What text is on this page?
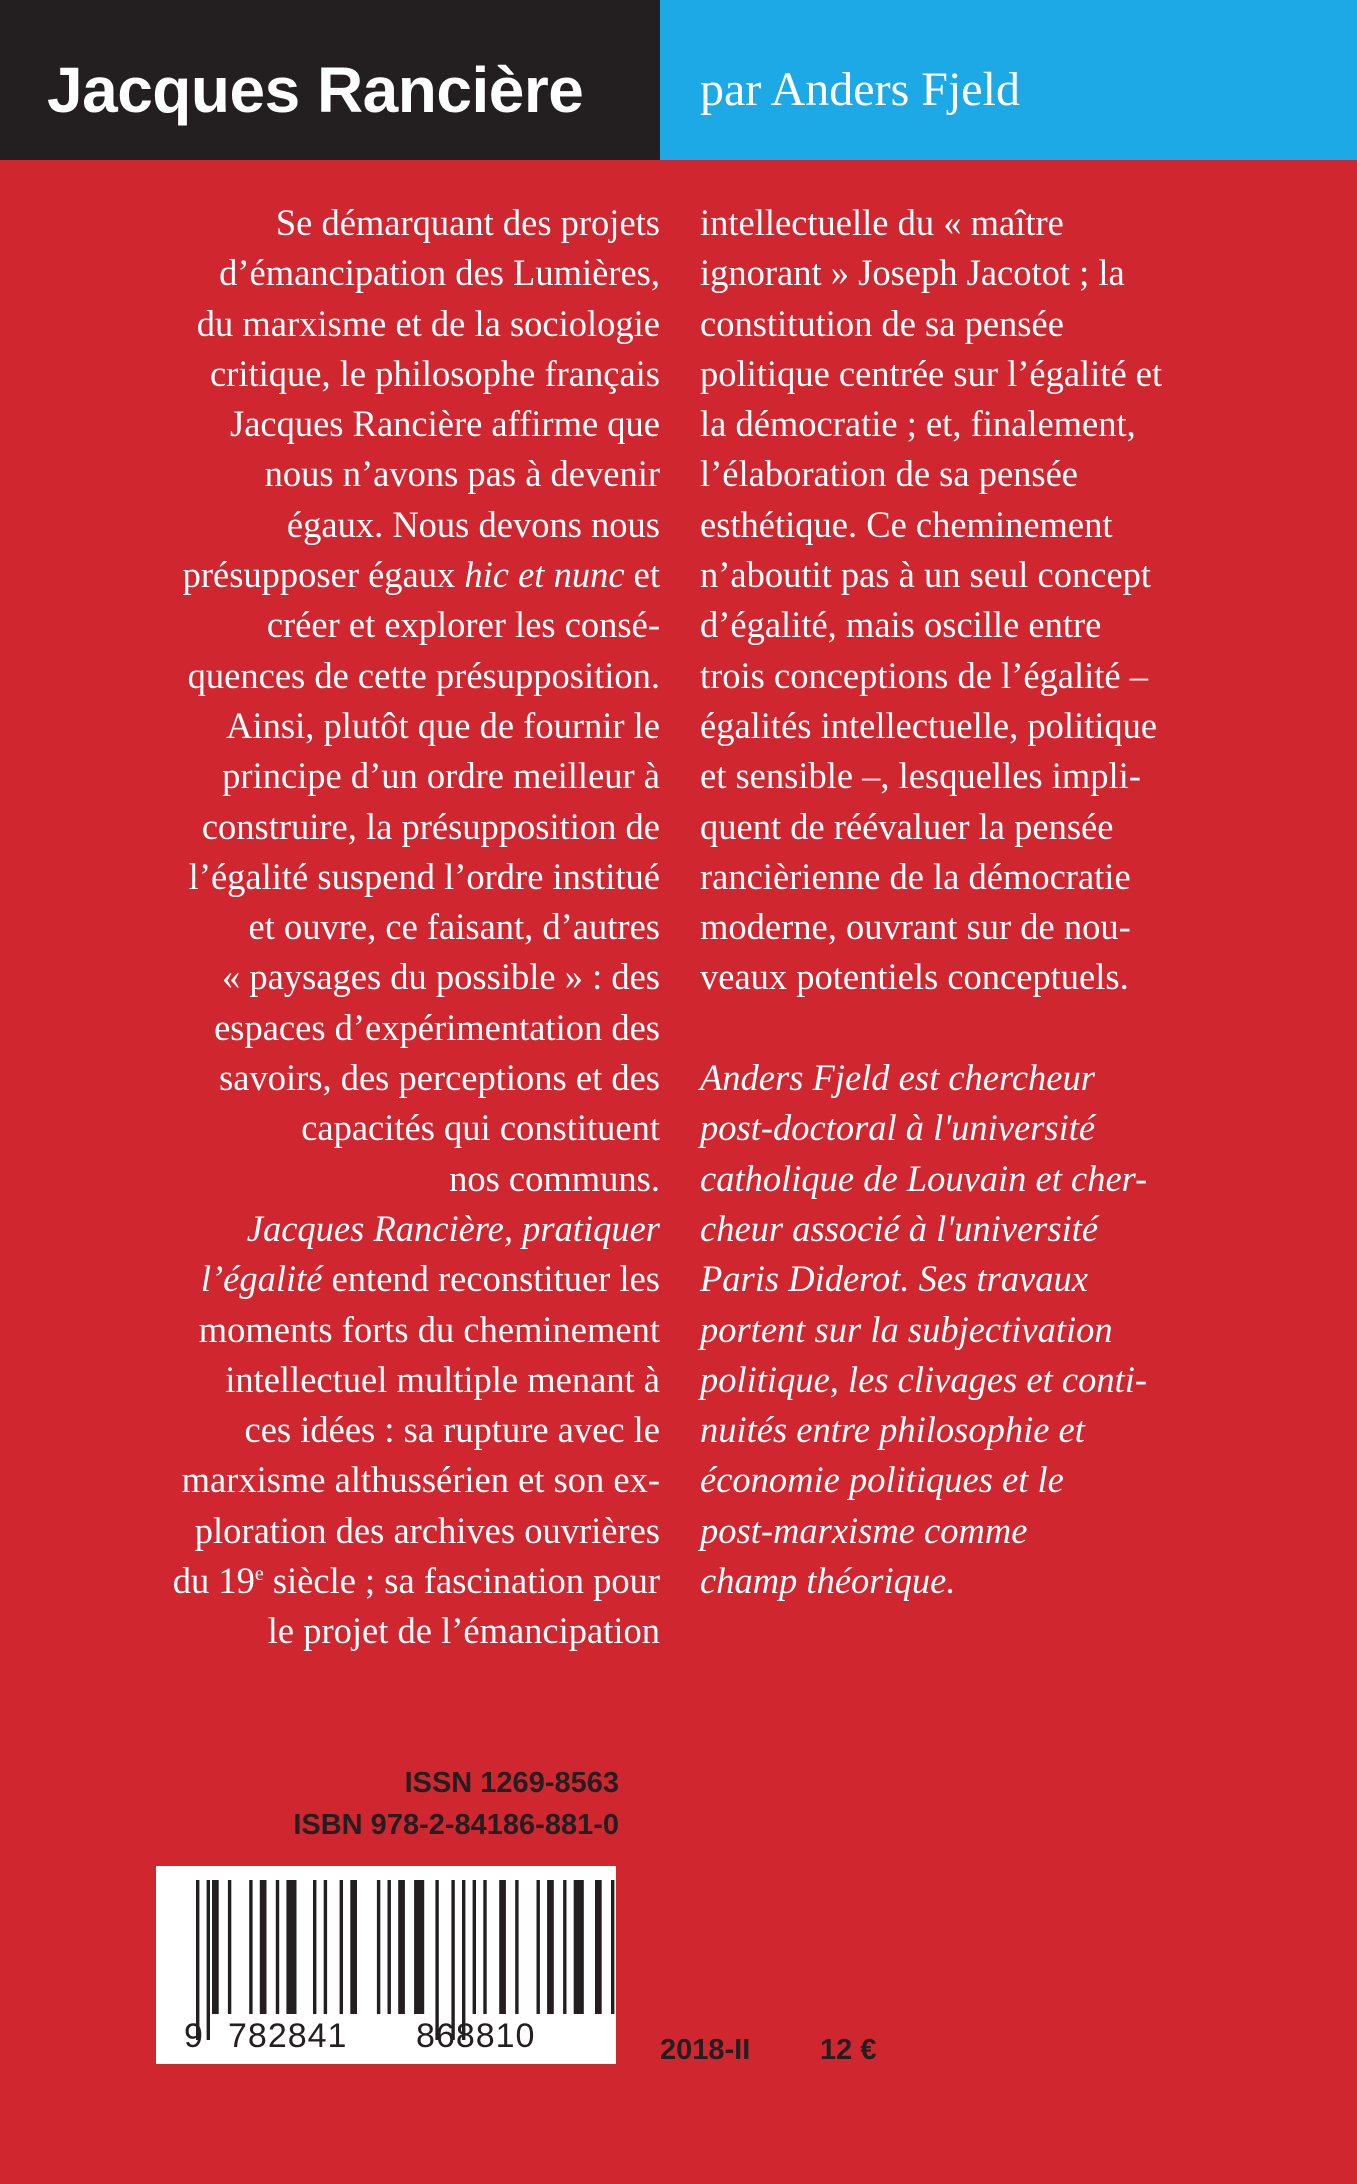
Jacques Rancière par Anders Fjeld
Se démarquant des projets
d’émancipation des Lumières,
du marxisme et de la sociologie
critique, le philosophe français
Jacques Rancière affirme que
nous n’avons pas à devenir
égaux. Nous devons nous
présupposer égaux hic et nunc et
créer et explorer les consé-
quences de cette présupposition.
Ainsi, plutôt que de fournir le
principe d’un ordre meilleur à
construire, la présupposition de
l’égalité suspend l’ordre institué
et ouvre, ce faisant, d’autres
« paysages du possible » : des
espaces d’expérimentation des
savoirs, des perceptions et des
capacités qui constituent
nos communs.
Jacques Rancière, pratiquer
l’égalité entend reconstituer les
moments forts du cheminement
intellectuel multiple menant à
ces idées : sa rupture avec le
marxisme althussérien et son ex-
ploration des archives ouvrières
du 19e siècle ; sa fascination pour
le projet de l’émancipation
intellectuelle du « maître
ignorant » Joseph Jacotot ; la
constitution de sa pensée
politique centrée sur l’égalité et
la démocratie ; et, finalement,
l’élaboration de sa pensée
esthétique. Ce cheminement
n’aboutit pas à un seul concept
d’égalité, mais oscille entre
trois conceptions de l’égalité –
égalités intellectuelle, politique
et sensible –, lesquelles impli-
quent de réévaluer la pensée
rancièrienne de la démocratie
moderne, ouvrant sur de nou-
veaux potentiels conceptuels.
Anders Fjeld est chercheur
post-doctoral à l'université
catholique de Louvain et cher-
cheur associé à l'université
Paris Diderot. Ses travaux
portent sur la subjectivation
politique, les clivages et conti-
nuités entre philosophie et
économie politiques et le
post-marxisme comme
champ théorique.
ISSN 1269-8563
ISBN 978-2-84186-881-0
9 782841 868810	2018-II 12 €
